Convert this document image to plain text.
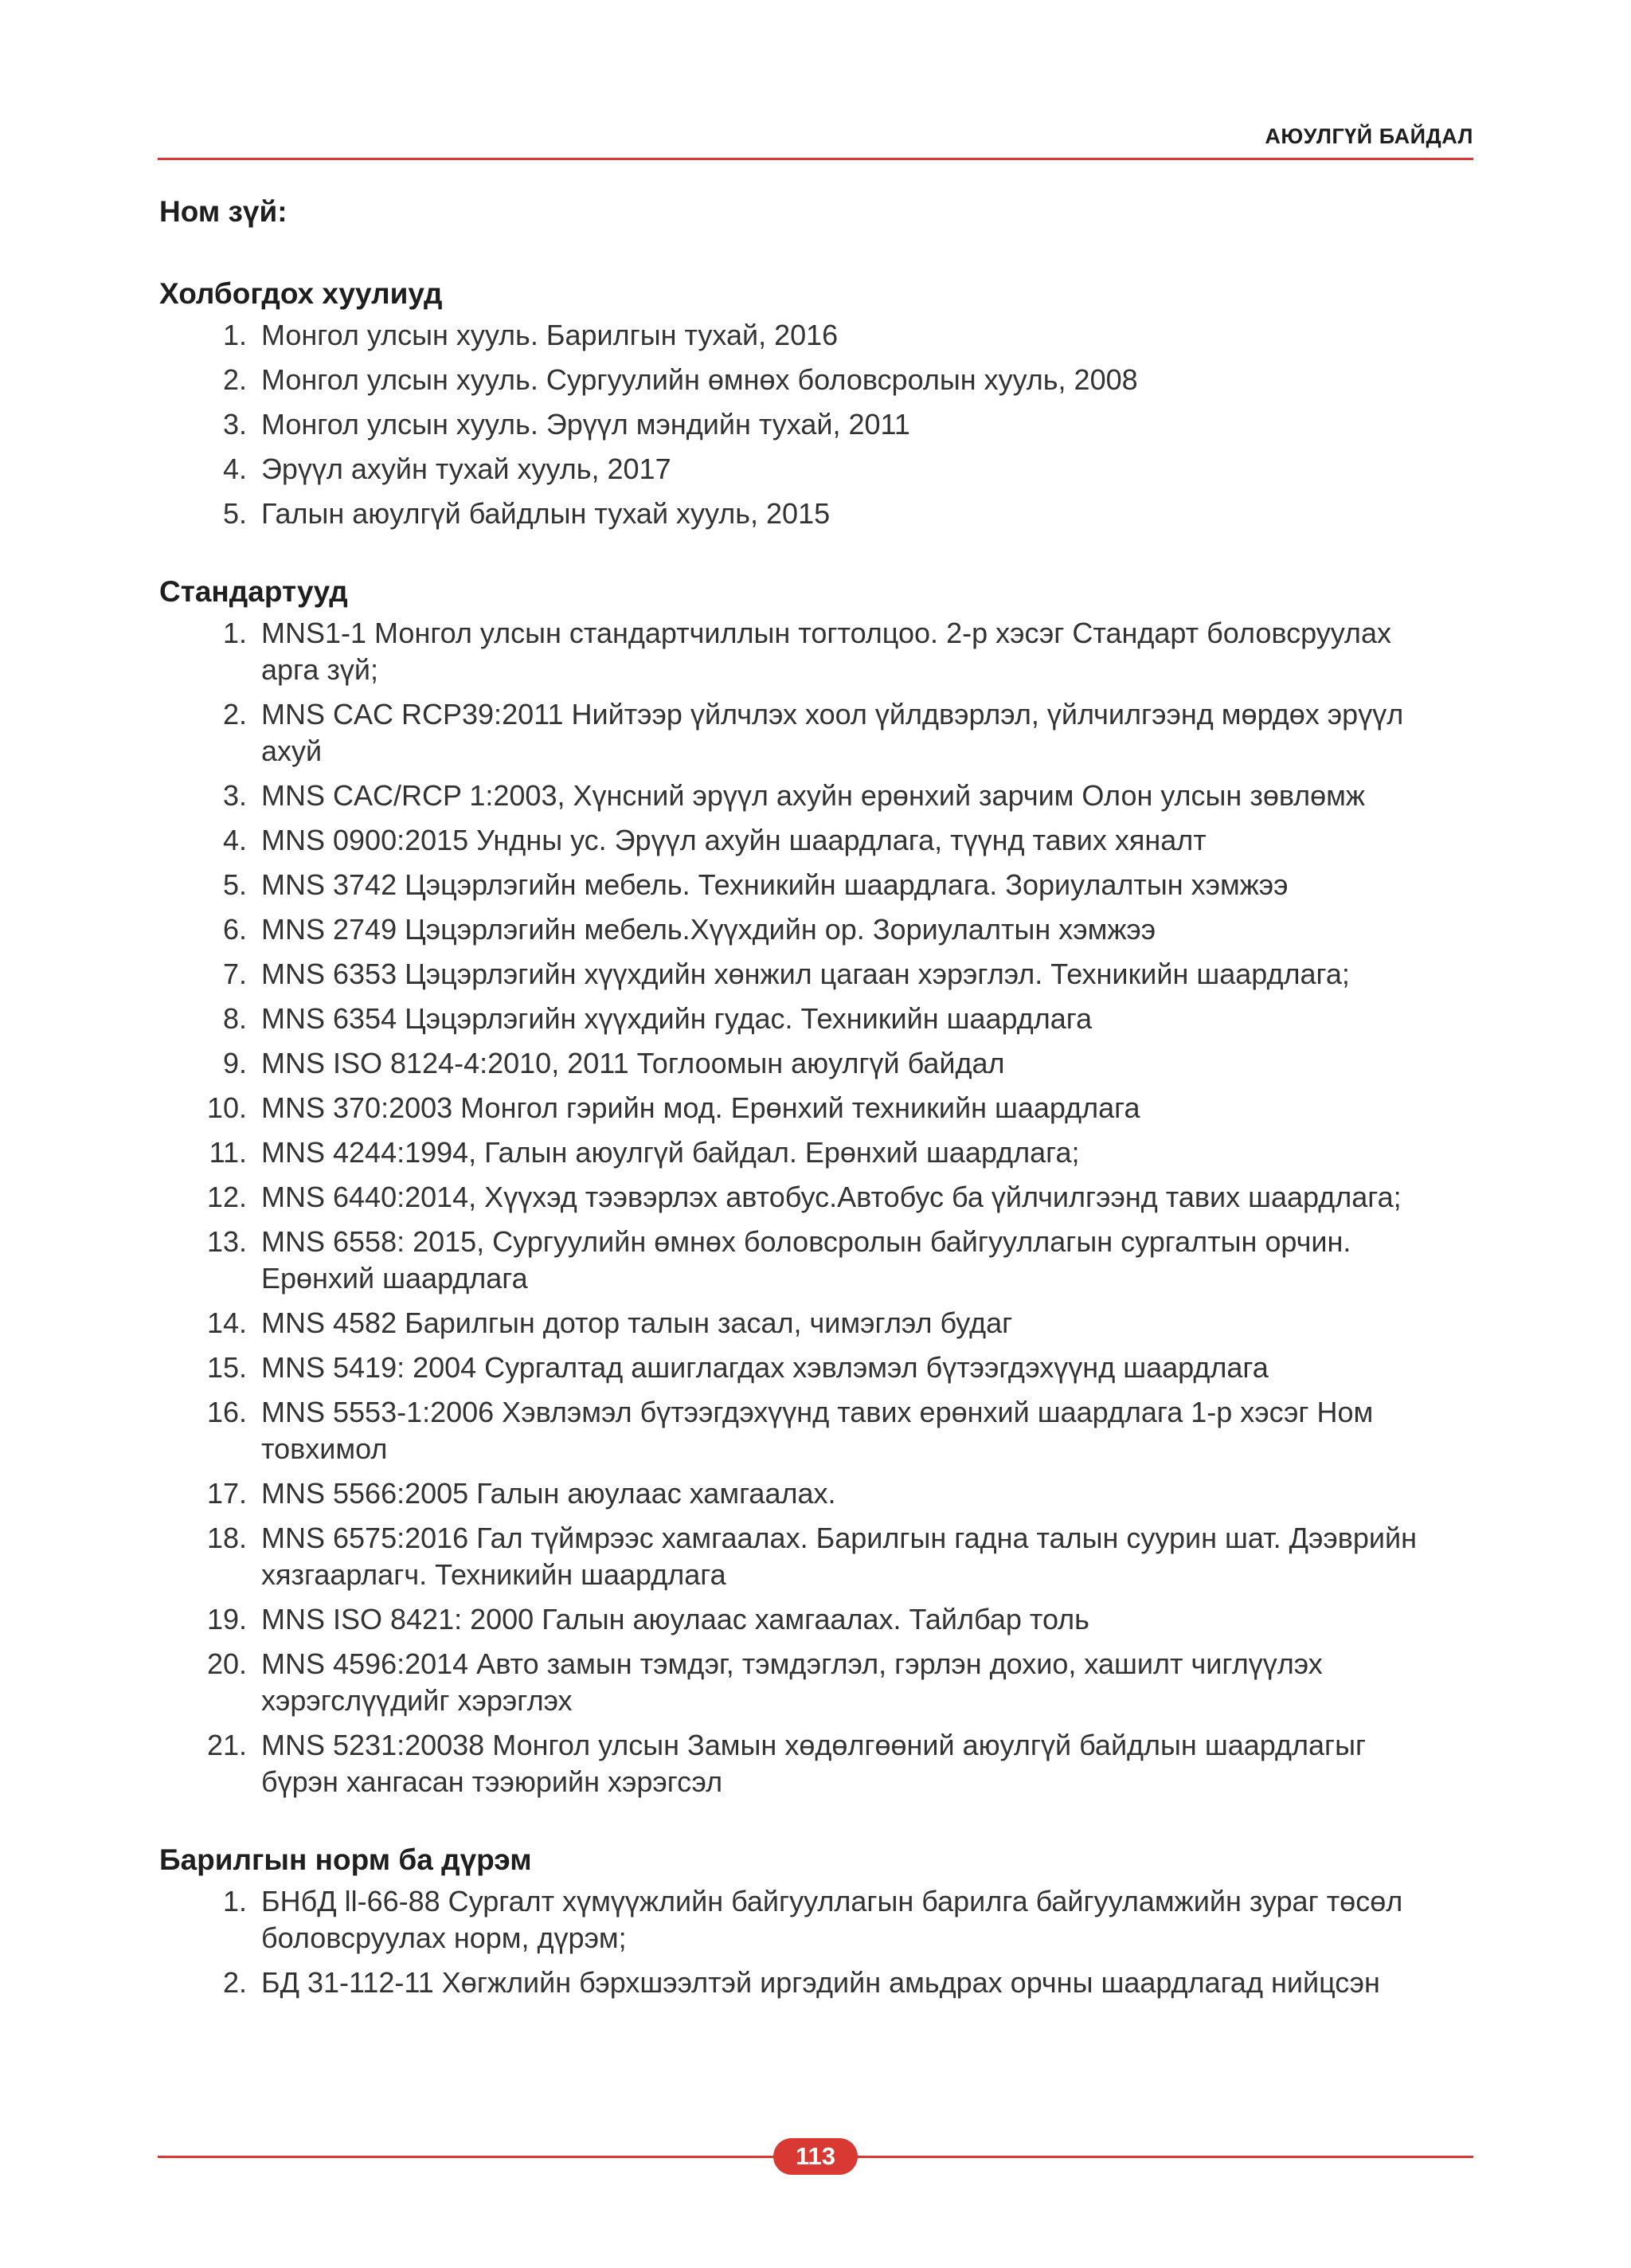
АЮУЛГҮЙ БАЙДАЛ
Ном зүй:
Холбогдох хуулиуд
1. Монгол улсын хууль. Барилгын тухай, 2016
2. Монгол улсын хууль. Сургуулийн өмнөх боловсролын хууль, 2008
3. Монгол улсын хууль. Эрүүл мэндийн тухай, 2011
4. Эрүүл ахуйн тухай хууль, 2017
5. Галын аюулгүй байдлын тухай хууль, 2015
Стандартууд
1. MNS1-1 Монгол улсын стандартчиллын тогтолцоо. 2-р хэсэг Стандарт боловсруулах арга зүй;
2. MNS CAC RCP39:2011 Нийтээр үйлчлэх хоол үйлдвэрлэл, үйлчилгээнд мөрдөх эрүүл ахуй
3. MNS CAC/RCP 1:2003, Хүнсний эрүүл ахуйн ерөнхий зарчим Олон улсын зөвлөмж
4. MNS 0900:2015 Ундны ус. Эрүүл ахуйн шаардлага, түүнд тавих хяналт
5. MNS 3742 Цэцэрлэгийн мебель. Техникийн шаардлага. Зориулалтын хэмжээ
6. MNS 2749 Цэцэрлэгийн мебель.Хүүхдийн ор. Зориулалтын хэмжээ
7. MNS 6353 Цэцэрлэгийн хүүхдийн хөнжил цагаан хэрэглэл. Техникийн шаардлага;
8. MNS 6354 Цэцэрлэгийн хүүхдийн гудас. Техникийн шаардлага
9. MNS ISO 8124-4:2010, 2011 Тоглоомын аюулгүй байдал
10. MNS 370:2003 Монгол гэрийн мод. Ерөнхий техникийн шаардлага
11. MNS 4244:1994, Галын аюулгүй байдал. Ерөнхий шаардлага;
12. MNS 6440:2014, Хүүхэд тээвэрлэх автобус.Автобус ба үйлчилгээнд тавих шаардлага;
13. MNS 6558: 2015, Сургуулийн өмнөх боловсролын байгууллагын сургалтын орчин. Ерөнхий шаардлага
14. MNS 4582 Барилгын дотор талын засал, чимэглэл будаг
15. MNS 5419: 2004 Сургалтад ашиглагдах хэвлэмэл бүтээгдэхүүнд шаардлага
16. MNS 5553-1:2006 Хэвлэмэл бүтээгдэхүүнд тавих ерөнхий шаардлага 1-р хэсэг Ном товхимол
17. MNS 5566:2005 Галын аюулаас хамгаалах.
18. MNS 6575:2016 Гал түймрээс хамгаалах. Барилгын гадна талын суурин шат. Дээврийн хязгаарлагч. Техникийн шаардлага
19. MNS ISO 8421: 2000 Галын аюулаас хамгаалах. Тайлбар толь
20. MNS 4596:2014 Авто замын тэмдэг, тэмдэглэл, гэрлэн дохио, хашилт чиглүүлэх хэрэгслүүдийг хэрэглэх
21. MNS 5231:20038 Монгол улсын Замын хөдөлгөөний аюулгүй байдлын шаардлагыг бүрэн хангасан тээюрийн хэрэгсэл
Барилгын норм ба дүрэм
1. БНбД ll-66-88 Сургалт хүмүүжлийн байгууллагын барилга байгууламжийн зураг төсөл боловсруулах норм, дүрэм;
2. БД 31-112-11 Хөгжлийн бэрхшээлтэй иргэдийн амьдрах орчны шаардлагад нийцсэн
113
